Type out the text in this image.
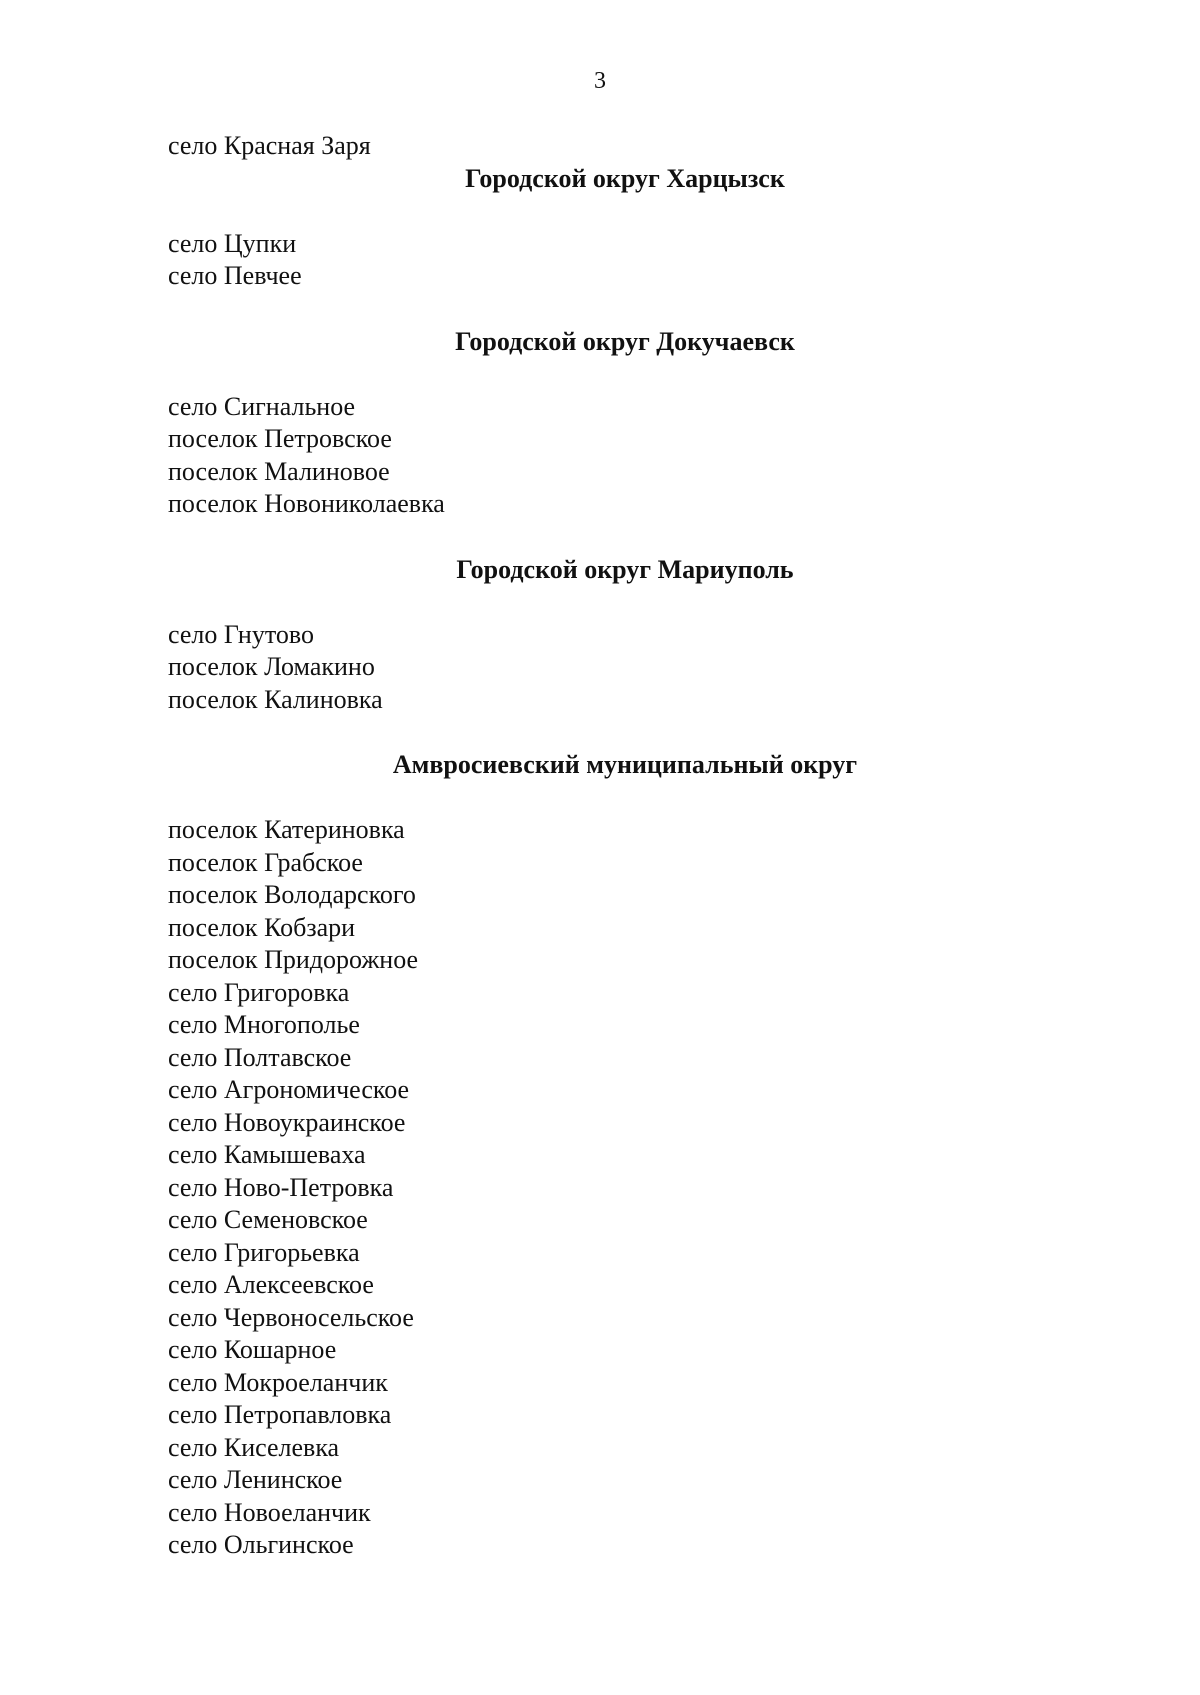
3
село Красная Заря
Городской округ Харцызск
село Цупки
село Певчее
Городской округ Докучаевск
село Сигнальное
поселок Петровское
поселок Малиновое
поселок Новониколаевка
Городской округ Мариуполь
село Гнутово
поселок Ломакино
поселок Калиновка
Амвросиевский муниципальный округ
поселок Катериновка
поселок Грабское
поселок Володарского
поселок Кобзари
поселок Придорожное
село Григоровка
село Многополье
село Полтавское
село Агрономическое
село Новоукраинское
село Камышеваха
село Ново-Петровка
село Семеновское
село Григорьевка
село Алексеевское
село Червоносельское
село Кошарное
село Мокроеланчик
село Петропавловка
село Киселевка
село Ленинское
село Новоеланчик
село Ольгинское
